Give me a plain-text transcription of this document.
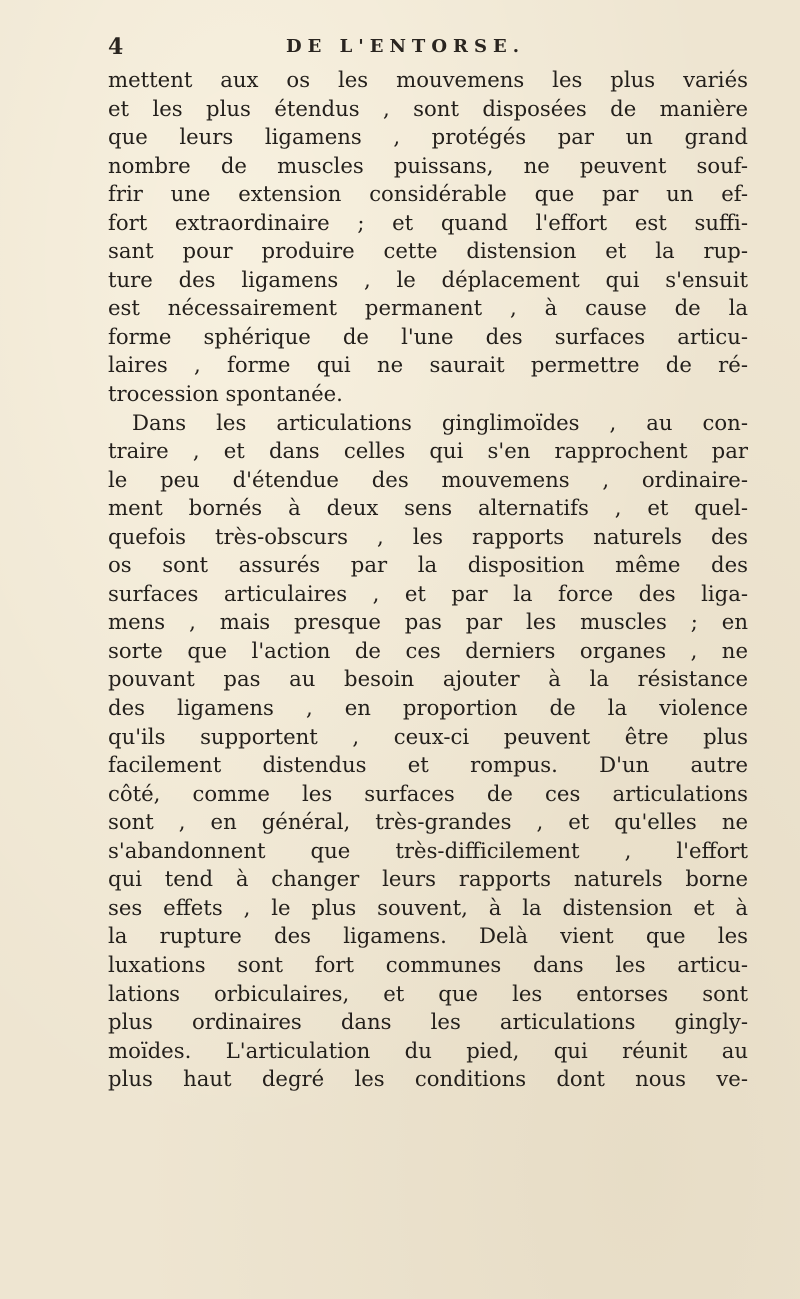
4	DE L'ENTORSE.
mettent aux os les mouvemens les plus variés
et les plus étendus , sont disposées de manière
que leurs ligamens , protégés par un grand
nombre de muscles puissans, ne peuvent souf-
frir une extension considérable que par un ef-
fort extraordinaire ; et quand l'effort est suffi-
sant pour produire cette distension et la rup-
ture des ligamens , le déplacement qui s'ensuit
est nécessairement permanent , à cause de la
forme sphérique de l'une des surfaces articu-
laires , forme qui ne saurait permettre de ré-
trocession spontanée.
Dans les articulations ginglimoïdes , au con-
traire , et dans celles qui s'en rapprochent par
le peu d'étendue des mouvemens , ordinaire-
ment bornés à deux sens alternatifs , et quel-
quefois très-obscurs , les rapports naturels des
os sont assurés par la disposition même des
surfaces articulaires , et par la force des liga-
mens , mais presque pas par les muscles ; en
sorte que l'action de ces derniers organes , ne
pouvant pas au besoin ajouter à la résistance
des ligamens , en proportion de la violence
qu'ils supportent , ceux-ci peuvent être plus
facilement distendus et rompus. D'un autre
côté, comme les surfaces de ces articulations
sont , en général, très-grandes , et qu'elles ne
s'abandonnent que très-difficilement , l'effort
qui tend à changer leurs rapports naturels borne
ses effets , le plus souvent, à la distension et à
la rupture des ligamens. Delà vient que les
luxations sont fort communes dans les articu-
lations orbiculaires, et que les entorses sont
plus ordinaires dans les articulations gingly-
moïdes. L'articulation du pied, qui réunit au
plus haut degré les conditions dont nous ve-
